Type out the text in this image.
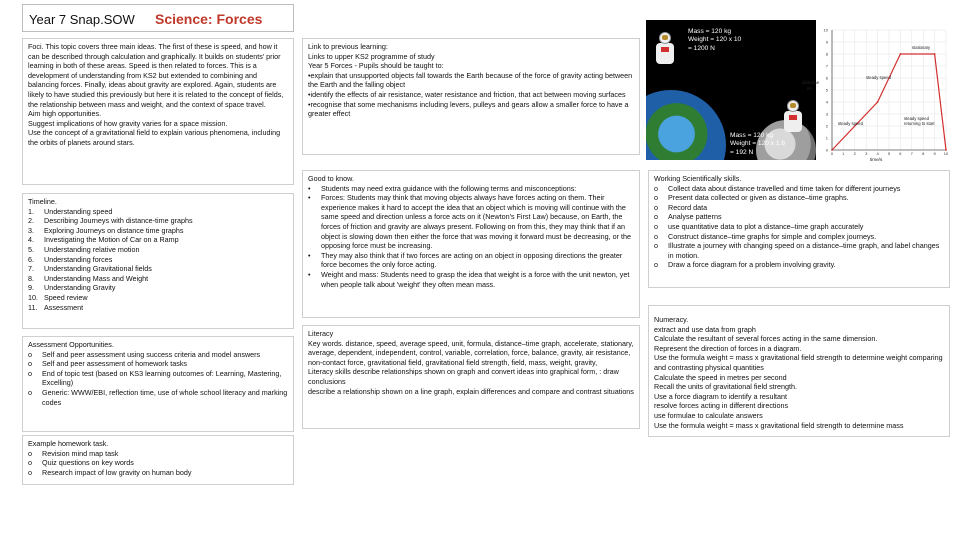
Year 7 Snap.SOW Science: Forces
Foci. This topic covers three main ideas. The first of these is speed, and how it can be described through calculation and graphically. It builds on students' prior learning in both of these areas. Speed is then related to forces. This is a development of understanding from KS2 but extended to combining and balancing forces. Finally, ideas about gravity are explored. Again, students are likely to have studied this previously but here it is related to the concept of fields, the relationship between mass and weight, and the context of space travel.
Aim high opportunities.
Suggest implications of how gravity varies for a space mission.
Use the concept of a gravitational field to explain various phenomena, including the orbits of planets around stars.
Timeline.
1.	Understanding speed
2.	Describing Journeys with distance-time graphs
3.	Exploring Journeys on distance time graphs
4.	Investigating the Motion of Car on a Ramp
5.	Understanding relative motion
6.	Understanding forces
7.	Understanding Gravitational fields
8.	Understanding Mass and Weight
9.	Understanding Gravity
10. Speed review
11. Assessment
Assessment Opportunities.
o	Self and peer assessment using success criteria and model answers
o	Self and peer assessment of homework tasks
o	End of topic test (based on KS3 learning outcomes of: Learning, Mastering, Excelling)
o	Generic: WWW/EBI, reflection time, use of whole school literacy and marking codes
Example homework task.
o	Revision mind map task
o	Quiz questions on key words
o	Research impact of low gravity on human body
Link to previous learning:
Links to upper KS2 programme of study
Year 5 Forces - Pupils should be taught to:
•explain that unsupported objects fall towards the Earth because of the force of gravity acting between the Earth and the falling object
•identify the effects of air resistance, water resistance and friction, that act between moving surfaces
•recognise that some mechanisms including levers, pulleys and gears allow a smaller force to have a greater effect
Good to know.
•	Students may need extra guidance with the following terms and misconceptions:
•	Forces: Students may think that moving objects always have forces acting on them. Their experience makes it hard to accept the idea that an object which is moving will continue with the same speed and direction unless a force acts on it (Newton's First Law) because, on Earth, the forces of friction and gravity are always present. Following on from this, they may think that if an object is slowing down then either the force that was moving it forward must be decreasing, or the opposing force must be increasing.
•	They may also think that if two forces are acting on an object in opposing directions the greater force becomes the only force acting.
•	Weight and mass: Students need to grasp the idea that weight is a force with the unit newton, yet when people talk about 'weight' they often mean mass.
Literacy
Key words. distance, speed, average speed, unit, formula, distance–time graph, accelerate, stationary, average, dependent, independent, control, variable, correlation, force, balance, gravity, air resistance, non-contact force, gravitational field, gravitational field strength, field, mass, weight, gravity,
Literacy skills describe relationships shown on graph and convert ideas into graphical form, : draw conclusions
describe a relationship shown on a line graph, explain differences and compare and contrast situations
Working Scientifically skills.
o	Collect data about distance travelled and time taken for different journeys
o	Present data collected or given as distance–time graphs.
o	Record data
o	Analyse patterns
o	use quantitative data to plot a distance–time graph accurately
o	Construct distance–time graphs for simple and complex journeys.
o	Illustrate a journey with changing speed on a distance–time graph, and label changes in motion.
o	Draw a force diagram for a problem involving gravity.
Numeracy.
extract and use data from graph
Calculate the resultant of several forces acting in the same dimension.
Represent the direction of forces in a diagram.
Use the formula weight = mass x gravitational field strength to determine weight comparing and contrasting physical quantities
Calculate the speed in metres per second
Recall the units of gravitational field strength.
Use a force diagram to identify a resultant
resolve forces acting in different directions
use formulae to calculate answers
Use the formula weight = mass x gravitational field strength to determine mass
Mass = 120 kg
Weight = 120 x 10
= 1200 N
Mass = 120 kg
Weight = 120 x 1.6
= 192 N	0
1
2
3
4
5
6
7
8
9
10
0 1 2 3 4 5 6 7 8 9 10
distance
/m
time/s
steady speed
steady speed
stationary
steady speed
returning to start
